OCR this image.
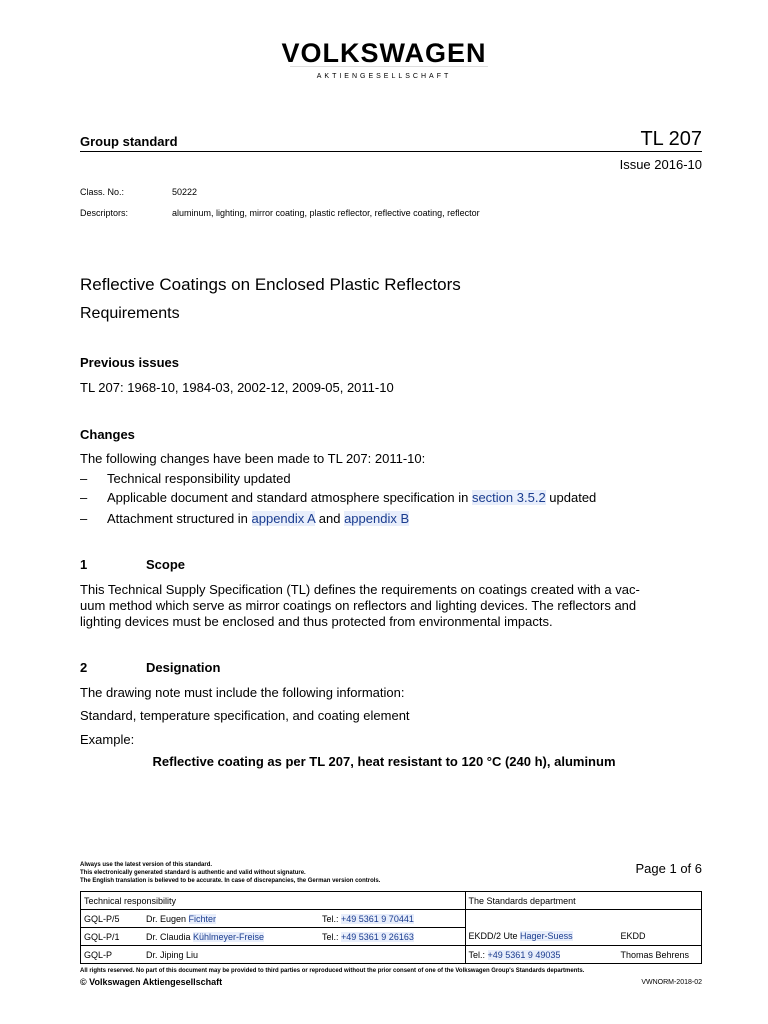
VOLKSWAGEN
AKTIENGESELLSCHAFT
Group standard	TL 207
Issue 2016-10
Class. No.:	50222
Descriptors:	aluminum, lighting, mirror coating, plastic reflector, reflective coating, reflector
Reflective Coatings on Enclosed Plastic Reflectors
Requirements
Previous issues
TL 207: 1968-10, 1984-03, 2002-12, 2009-05, 2011-10
Changes
The following changes have been made to TL 207: 2011-10:
– Technical responsibility updated
– Applicable document and standard atmosphere specification in section 3.5.2 updated
– Attachment structured in appendix A and appendix B
1	Scope
This Technical Supply Specification (TL) defines the requirements on coatings created with a vac-
uum method which serve as mirror coatings on reflectors and lighting devices. The reflectors and
lighting devices must be enclosed and thus protected from environmental impacts.
2	Designation
The drawing note must include the following information:
Standard, temperature specification, and coating element
Example:
Reflective coating as per TL 207, heat resistant to 120 °C (240 h), aluminum
Always use the latest version of this standard.
This electronically generated standard is authentic and valid without signature.
The English translation is believed to be accurate. In case of discrepancies, the German version controls.
Page 1 of 6
Technical responsibility			The Standards department	
GQL-P/5	Dr. Eugen Fichter	Tel.: +49 5361 9 70441		
GQL-P/1	Dr. Claudia Kühlmeyer-Freise	Tel.: +49 5361 9 26163	EKDD/2 Ute Hager-Suess	EKDD
GQL-P	Dr. Jiping Liu		Tel.: +49 5361 9 49035	Thomas Behrens
All rights reserved. No part of this document may be provided to third parties or reproduced without the prior consent of one of the Volkswagen Group's Standards departments.
© Volkswagen Aktiengesellschaft	VWNORM-2018-02
